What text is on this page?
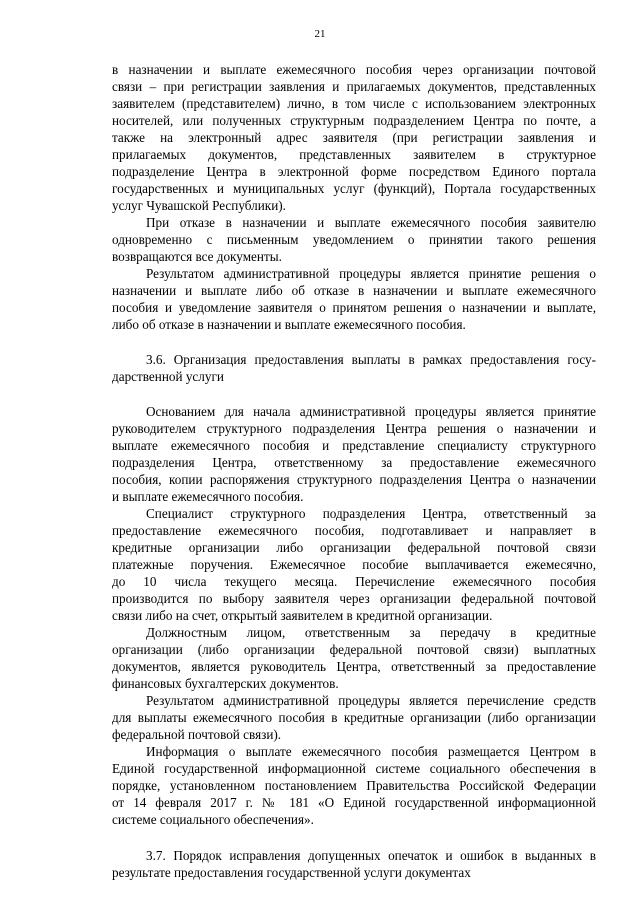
21
в назначении и выплате ежемесячного пособия через организации почтовой
связи – при регистрации заявления и прилагаемых документов, представленных
заявителем (представителем) лично, в том числе с использованием электронных
носителей, или полученных структурным подразделением Центра по почте, а
также на электронный адрес заявителя (при регистрации заявления и
прилагаемых документов, представленных заявителем в структурное
подразделение Центра в электронной форме посредством Единого портала
государственных и муниципальных услуг (функций), Портала государственных
услуг Чувашской Республики).
При отказе в назначении и выплате ежемесячного пособия заявителю
одновременно с письменным уведомлением о принятии такого решения
возвращаются все документы.
Результатом административной процедуры является принятие решения о
назначении и выплате либо об отказе в назначении и выплате ежемесячного
пособия и уведомление заявителя о принятом решения о назначении и выплате,
либо об отказе в назначении и выплате ежемесячного пособия.
3.6. Организация предоставления выплаты в рамках предоставления госу-
дарственной услуги
Основанием для начала административной процедуры является принятие
руководителем структурного подразделения Центра решения о назначении и
выплате ежемесячного пособия и представление специалисту структурного
подразделения Центра, ответственному за предоставление ежемесячного
пособия, копии распоряжения структурного подразделения Центра о назначении
и выплате ежемесячного пособия.
Специалист структурного подразделения Центра, ответственный за
предоставление ежемесячного пособия, подготавливает и направляет в
кредитные организации либо организации федеральной почтовой связи
платежные поручения. Ежемесячное пособие выплачивается ежемесячно,
до 10 числа текущего месяца. Перечисление ежемесячного пособия
производится по выбору заявителя через организации федеральной почтовой
связи либо на счет, открытый заявителем в кредитной организации.
Должностным лицом, ответственным за передачу в кредитные
организации (либо организации федеральной почтовой связи) выплатных
документов, является руководитель Центра, ответственный за предоставление
финансовых бухгалтерских документов.
Результатом административной процедуры является перечисление средств
для выплаты ежемесячного пособия в кредитные организации (либо организации
федеральной почтовой связи).
Информация о выплате ежемесячного пособия размещается Центром в
Единой государственной информационной системе социального обеспечения в
порядке, установленном постановлением Правительства Российской Федерации
от 14 февраля 2017 г. № 181 «О Единой государственной информационной
системе социального обеспечения».
3.7. Порядок исправления допущенных опечаток и ошибок в выданных в
результате предоставления государственной услуги документах
